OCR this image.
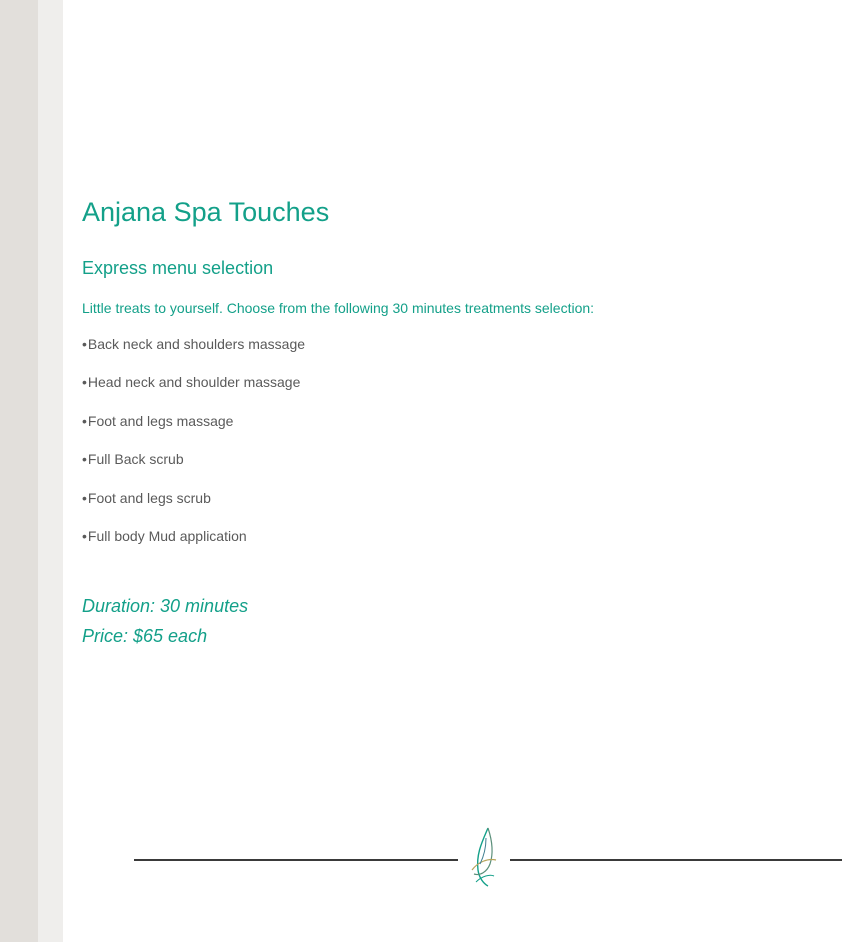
Anjana Spa Touches
Express menu selection

Little treats to yourself. Choose from the following 30 minutes treatments selection:

•Back neck and shoulders massage
•Head neck and shoulder massage
•Foot and legs massage
•Full Back scrub
•Foot and legs scrub
•Full body Mud application

Duration: 30 minutes

Price: $65 each
